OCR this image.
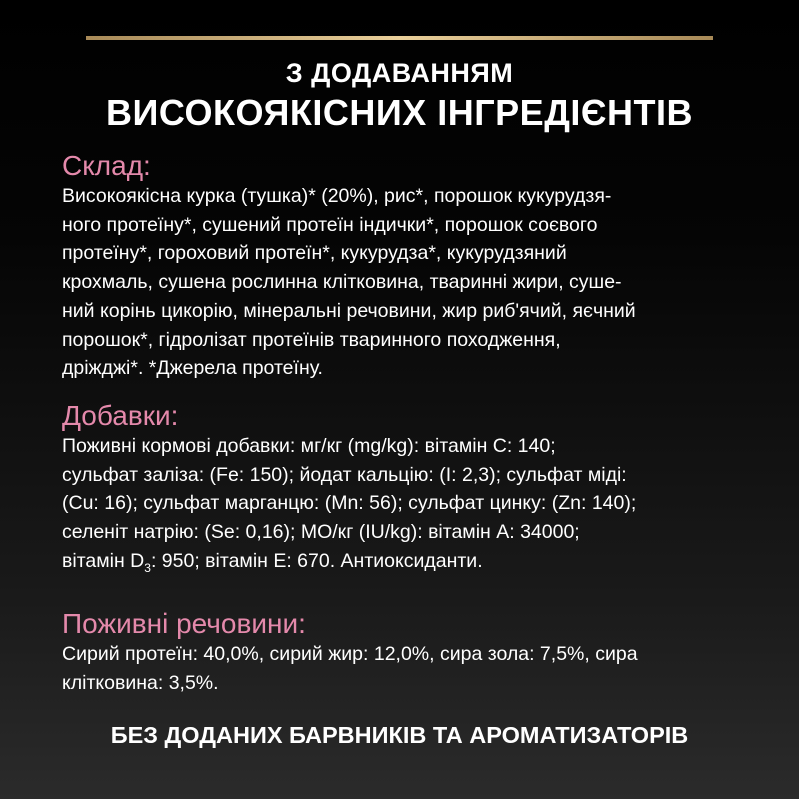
З ДОДАВАННЯМ
ВИСОКОЯКІСНИХ ІНГРЕДІЄНТІВ
Склад:
Високоякісна курка (тушка)* (20%), рис*, порошок кукурудзя-
ного протеїну*, сушений протеїн індички*, порошок соєвого
протеїну*, гороховий протеїн*, кукурудза*, кукурудзяний
крохмаль, сушена рослинна клітковина, тваринні жири, суше-
ний корінь цикорію, мінеральні речовини, жир риб'ячий, яєчний
порошок*, гідролізат протеїнів тваринного походження,
дріжджі*. *Джерела протеїну.
Добавки:
Поживні кормові добавки: мг/кг (mg/kg): вітамін С: 140;
сульфат заліза: (Fe: 150); йодат кальцію: (I: 2,3); сульфат міді:
(Cu: 16); сульфат марганцю: (Mn: 56); сульфат цинку: (Zn: 140);
селеніт натрію: (Se: 0,16); МО/кг (IU/kg): вітамін А: 34000;
вітамін $D_3$: 950; вітамін Е: 670. Антиоксиданти.
Поживні речовини:
Сирий протеїн: 40,0%, сирий жир: 12,0%, сира зола: 7,5%, сира
клітковина: 3,5%.
БЕЗ ДОДАНИХ БАРВНИКІВ ТА АРОМАТИЗАТОРІВ
